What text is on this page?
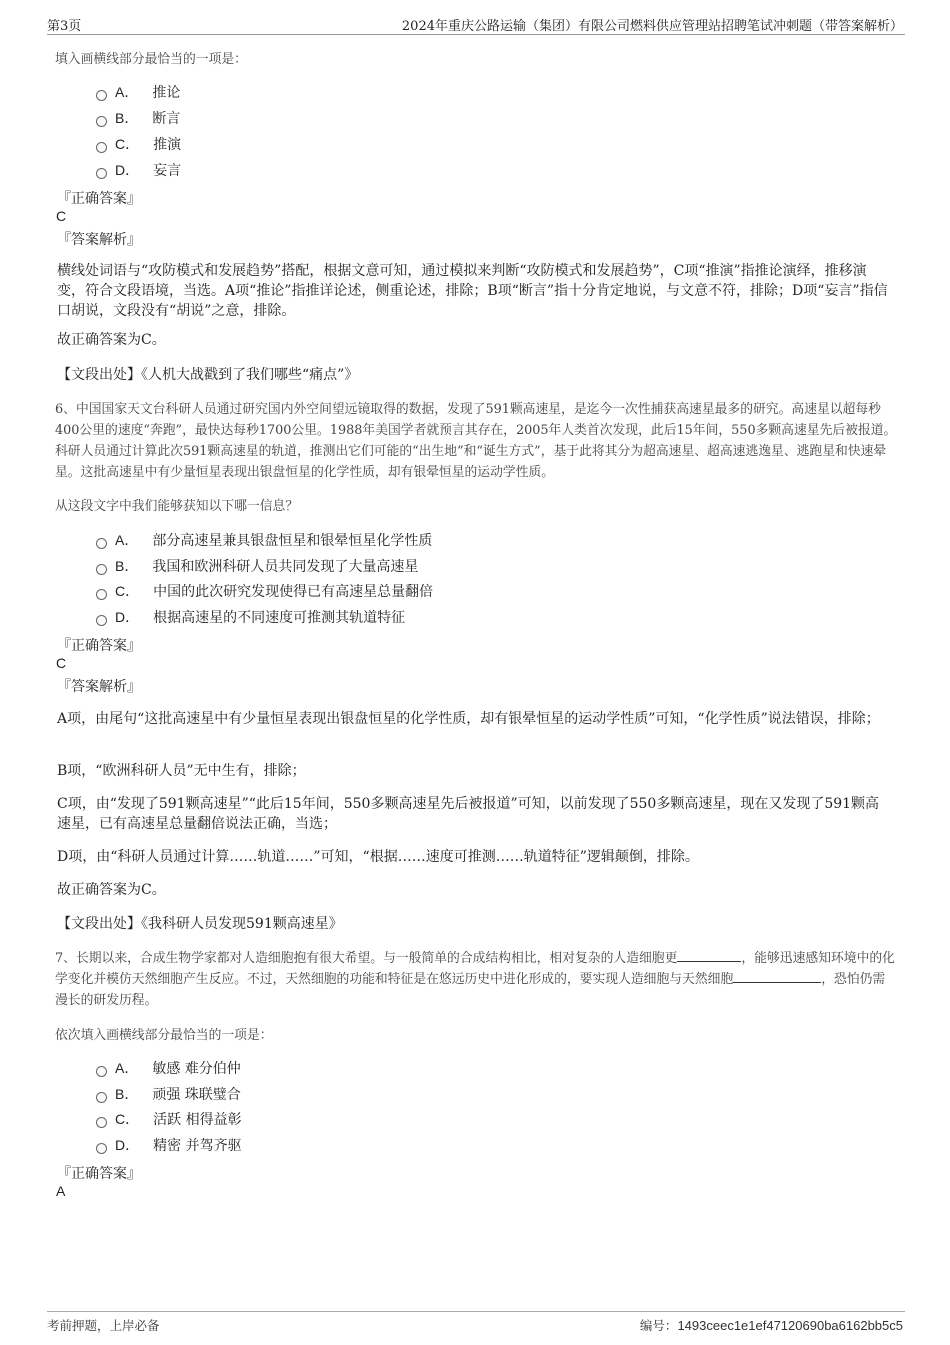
第3页	2024年重庆公路运输（集团）有限公司燃料供应管理站招聘笔试冲刺题（带答案解析）
填入画横线部分最恰当的一项是：
A． 推论
B． 断言
C． 推演
D． 妄言
『正确答案』
C
『答案解析』
横线处词语与“攻防模式和发展趋势”搭配，根据文意可知，通过模拟来判断“攻防模式和发展趋势”，C项“推演”指推论演绎，推移演变，符合文段语境，当选。A项“推论”指推详论述，侧重论述，排除；B项“断言”指十分肯定地说，与文意不符，排除；D项“妄言”指信口胡说，文段没有“胡说”之意，排除。
故正确答案为C。
【文段出处】《人机大战戳到了我们哪些“痛点”》
6、中国国家天文台科研人员通过研究国内外空间望远镜取得的数据，发现了591颗高速星，是迄今一次性捕获高速星最多的研究。高速星以超每秒400公里的速度“奔跑”，最快达每秒1700公里。1988年美国学者就预言其存在，2005年人类首次发现，此后15年间，550多颗高速星先后被报道。科研人员通过计算此次591颗高速星的轨道，推测出它们可能的“出生地”和“诞生方式”，基于此将其分为超高速星、超高速逃逸星、逃跑星和快速晕星。这批高速星中有少量恒星表现出银盘恒星的化学性质，却有银晕恒星的运动学性质。
从这段文字中我们能够获知以下哪一信息？
A． 部分高速星兼具银盘恒星和银晕恒星化学性质
B． 我国和欧洲科研人员共同发现了大量高速星
C． 中国的此次研究发现使得已有高速星总量翻倍
D． 根据高速星的不同速度可推测其轨道特征
『正确答案』
C
『答案解析』
A项，由尾句“这批高速星中有少量恒星表现出银盘恒星的化学性质，却有银晕恒星的运动学性质”可知，“化学性质”说法错误，排除；
B项，“欧洲科研人员”无中生有，排除；
C项，由“发现了591颗高速星”“此后15年间，550多颗高速星先后被报道”可知，以前发现了550多颗高速星，现在又发现了591颗高速星，已有高速星总量翻倍说法正确，当选；
D项，由“科研人员通过计算……轨道……”可知，“根据……速度可推测……轨道特征”逻辑颠倒，排除。
故正确答案为C。
【文段出处】《我科研人员发现591颗高速星》
7、长期以来，合成生物学家都对人造细胞抱有很大希望。与一般简单的合成结构相比，相对复杂的人造细胞更	，能够迅速感知环境中的化学变化并模仿天然细胞产生反应。不过，天然细胞的功能和特征是在悠远历史中进化形成的，要实现人造细胞与天然细胞	，恐怕仍需漫长的研发历程。
依次填入画横线部分最恰当的一项是：
A． 敏感 难分伯仲
B． 顽强 珠联璧合
C． 活跃 相得益彰
D． 精密 并驾齐驱
『正确答案』
A
考前押题，上岸必备	编号：1493ceec1e1ef47120690ba6162bb5c5
